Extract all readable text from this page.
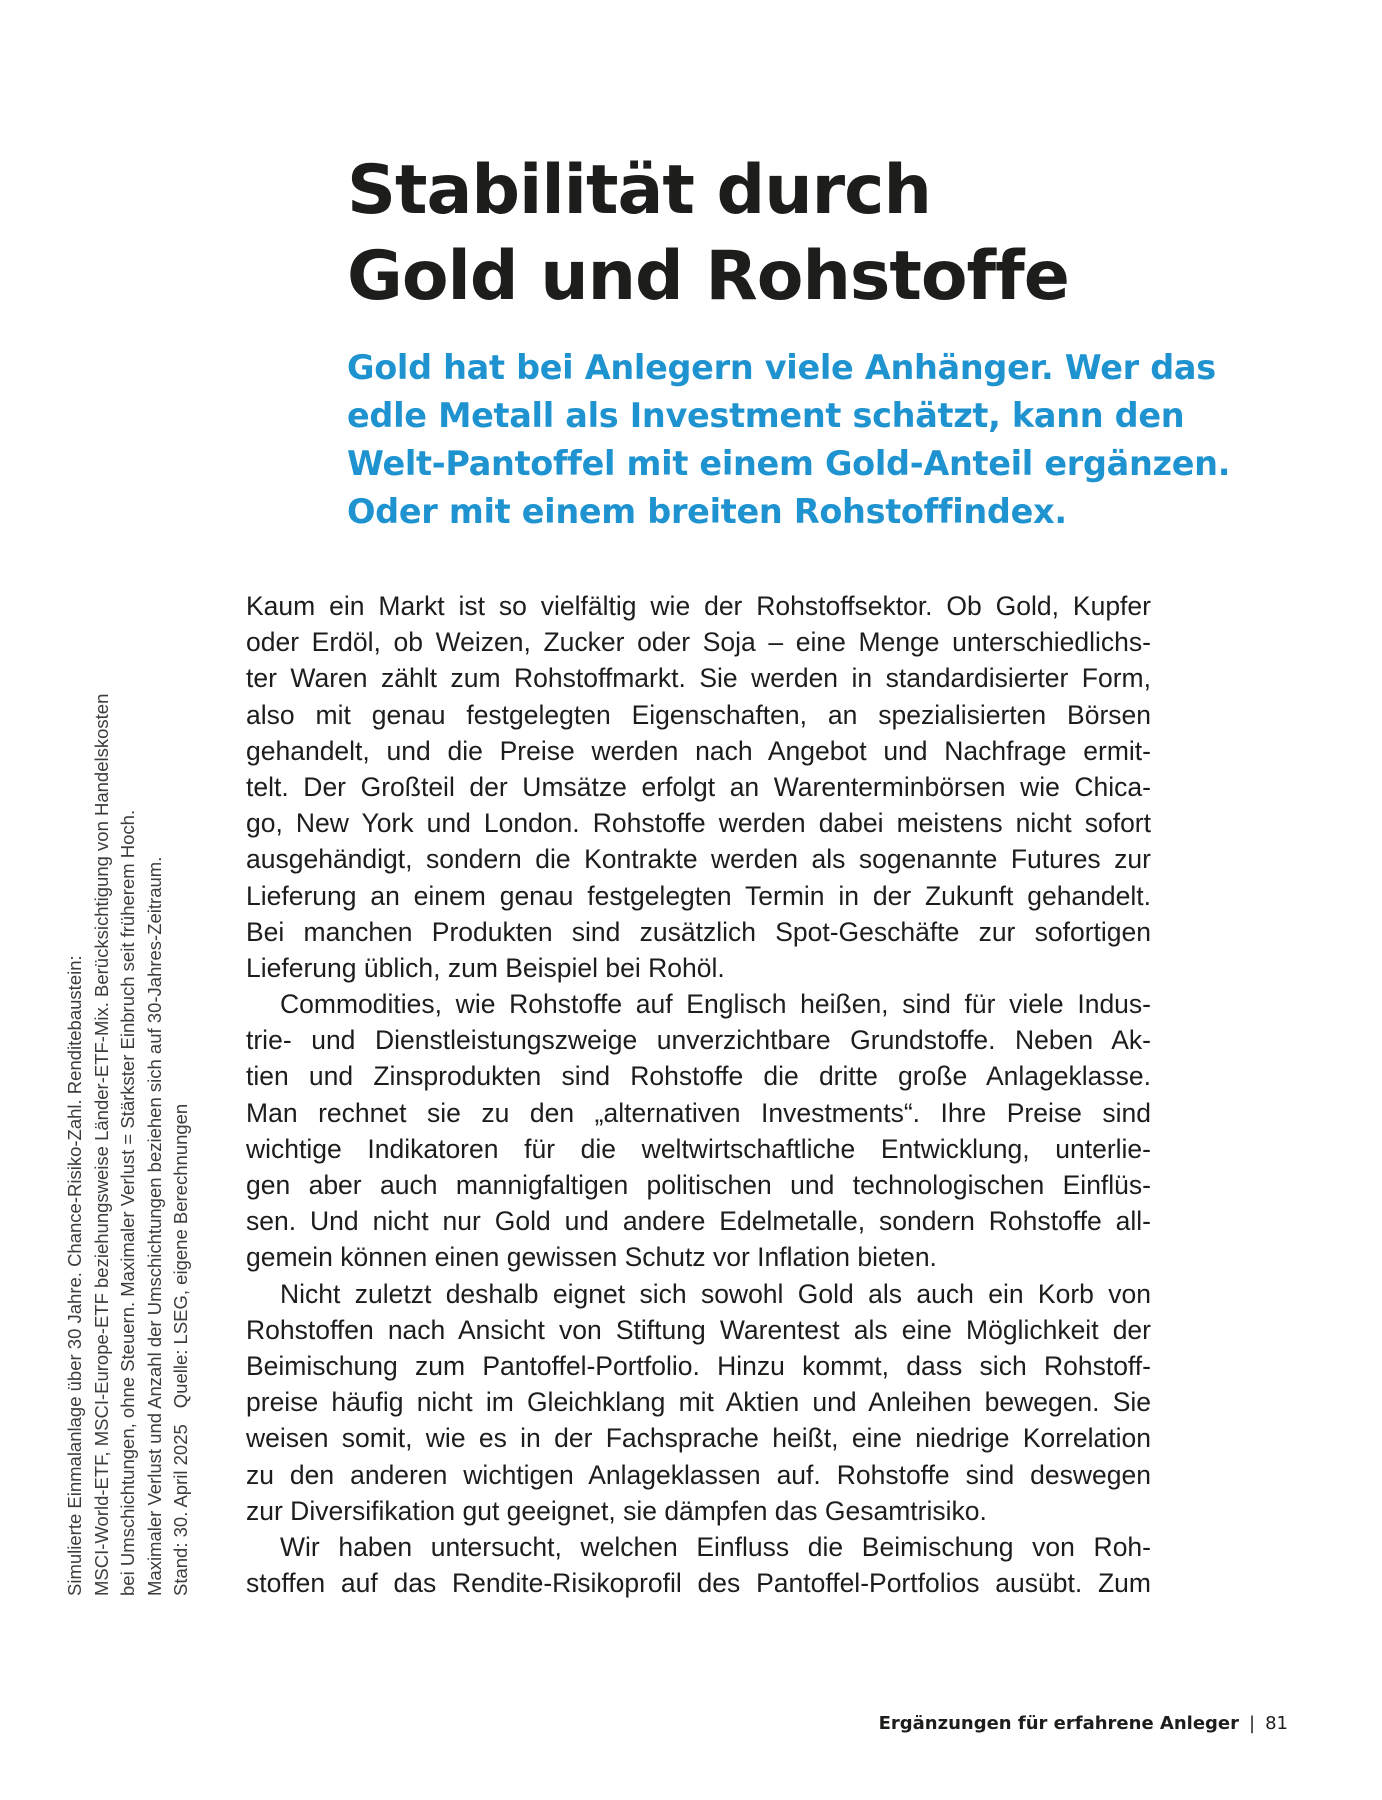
Stabilität durch
Gold und Rohstoffe

Gold hat bei Anlegern viele Anhänger. Wer das
edle Metall als Investment schätzt, kann den
Welt-Pantoffel mit einem Gold-Anteil ergänzen.
Oder mit einem breiten Rohstoffindex.

Kaum ein Markt ist so vielfältig wie der Rohstoffsektor. Ob Gold, Kupfer
oder Erdöl, ob Weizen, Zucker oder Soja – eine Menge unterschiedlichs-
ter Waren zählt zum Rohstoffmarkt. Sie werden in standardisierter Form,
also mit genau festgelegten Eigenschaften, an spezialisierten Börsen
gehandelt, und die Preise werden nach Angebot und Nachfrage ermit-
telt. Der Großteil der Umsätze erfolgt an Warenterminbörsen wie Chica-
go, New York und London. Rohstoffe werden dabei meistens nicht sofort
ausgehändigt, sondern die Kontrakte werden als sogenannte Futures zur
Lieferung an einem genau festgelegten Termin in der Zukunft gehandelt.
Bei manchen Produkten sind zusätzlich Spot-Geschäfte zur sofortigen
Lieferung üblich, zum Beispiel bei Rohöl.
Commodities, wie Rohstoffe auf Englisch heißen, sind für viele Indus-
trie- und Dienstleistungszweige unverzichtbare Grundstoffe. Neben Ak-
tien und Zinsprodukten sind Rohstoffe die dritte große Anlageklasse.
Man rechnet sie zu den „alternativen Investments“. Ihre Preise sind
wichtige Indikatoren für die weltwirtschaftliche Entwicklung, unterlie-
gen aber auch mannigfaltigen politischen und technologischen Einflüs-
sen. Und nicht nur Gold und andere Edelmetalle, sondern Rohstoffe all-
gemein können einen gewissen Schutz vor Inflation bieten.
Nicht zuletzt deshalb eignet sich sowohl Gold als auch ein Korb von
Rohstoffen nach Ansicht von Stiftung Warentest als eine Möglichkeit der
Beimischung zum Pantoffel-Portfolio. Hinzu kommt, dass sich Rohstoff-
preise häufig nicht im Gleichklang mit Aktien und Anleihen bewegen. Sie
weisen somit, wie es in der Fachsprache heißt, eine niedrige Korrelation
zu den anderen wichtigen Anlageklassen auf. Rohstoffe sind deswegen
zur Diversifikation gut geeignet, sie dämpfen das Gesamtrisiko.
Wir haben untersucht, welchen Einfluss die Beimischung von Roh-
stoffen auf das Rendite-Risikoprofil des Pantoffel-Portfolios ausübt. Zum
Simulierte Einmalanlage über 30 Jahre. Chance-Risiko-Zahl. Renditebaustein: MSCI-World-ETF, MSCI-Europe-ETF beziehungsweise Länder-ETF-Mix. Berücksichtigung von Handelskosten bei Umschichtungen, ohne Steuern. Maximaler Verlust = Stärkster Einbruch seit früherem Hoch. Maximaler Verlust und Anzahl der Umschichtungen beziehen sich auf 30-Jahres-Zeitraum. Stand: 30. April 2025Quelle: LSEG, eigene Berechnungen
Ergänzungen für erfahrene Anleger | 81
